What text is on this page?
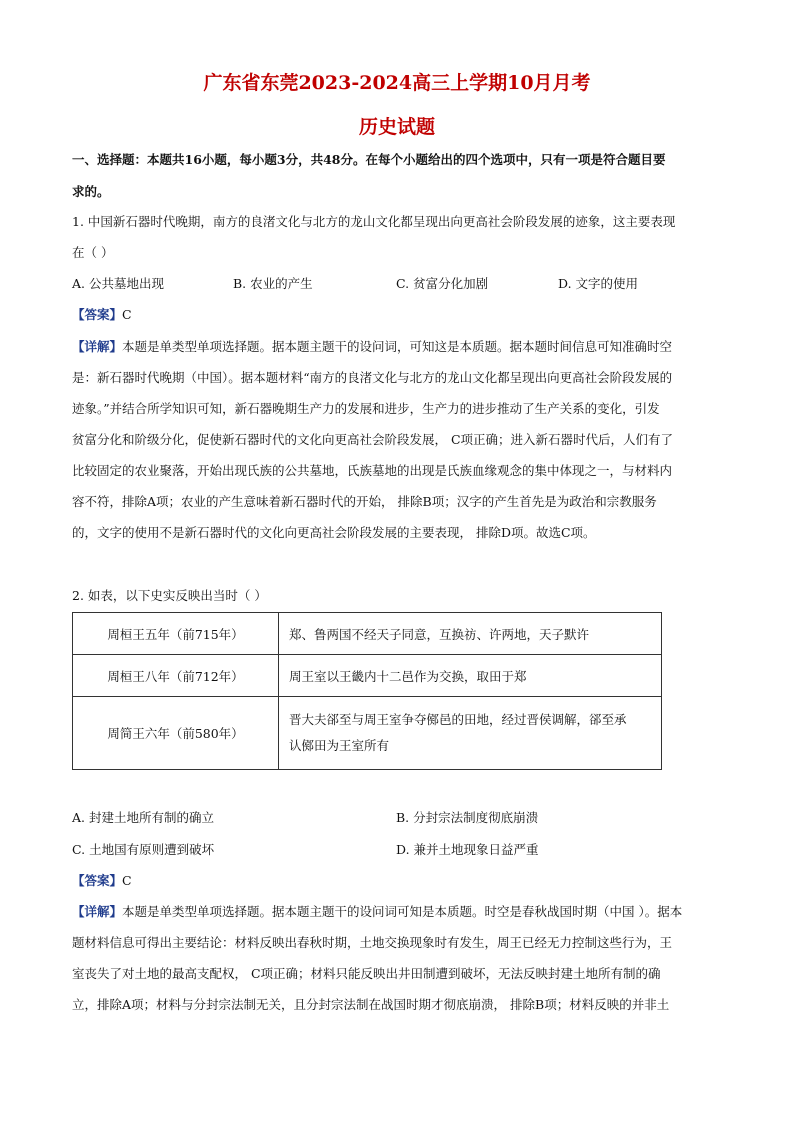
广东省东莞2023-2024高三上学期10月月考
历史试题
一、选择题：本题共16小题，每小题3分，共48分。在每个小题给出的四个选项中，只有一项是符合题目要
求的。
1. 中国新石器时代晚期，南方的良渚文化与北方的龙山文化都呈现出向更高社会阶段发展的迹象，这主要表现
在（ ）
A. 公共墓地出现	B. 农业的产生	C. 贫富分化加剧	D. 文字的使用
【答案】C
【详解】本题是单类型单项选择题。据本题主题干的设问词，可知这是本质题。据本题时间信息可知准确时空
是：新石器时代晚期（中国）。据本题材料“南方的良渚文化与北方的龙山文化都呈现出向更高社会阶段发展的
迹象。”并结合所学知识可知，新石器晚期生产力的发展和进步，生产力的进步推动了生产关系的变化，引发
贫富分化和阶级分化，促使新石器时代的文化向更高社会阶段发展， C项正确；进入新石器时代后，人们有了
比较固定的农业聚落，开始出现氏族的公共墓地，氏族墓地的出现是氏族血缘观念的集中体现之一，与材料内
容不符，排除A项；农业的产生意味着新石器时代的开始， 排除B项；汉字的产生首先是为政治和宗教服务
的，文字的使用不是新石器时代的文化向更高社会阶段发展的主要表现， 排除D项。故选C项。
2. 如表，以下史实反映出当时（ ）
周桓王五年（前715年）	郑、鲁两国不经天子同意，互换祊、许两地，天子默许
周桓王八年（前712年）	周王室以王畿内十二邑作为交换，取田于郑
周简王六年（前580年）	晋大夫郤至与周王室争夺鄇邑的田地，经过晋侯调解，郤至承
认鄇田为王室所有
A. 封建土地所有制的确立	B. 分封宗法制度彻底崩溃
C. 土地国有原则遭到破坏	D. 兼并土地现象日益严重
【答案】C
【详解】本题是单类型单项选择题。据本题主题干的设问词可知是本质题。时空是春秋战国时期（中国 ）。据本
题材料信息可得出主要结论：材料反映出春秋时期，土地交换现象时有发生，周王已经无力控制这些行为，王
室丧失了对土地的最高支配权， C项正确；材料只能反映出井田制遭到破坏，无法反映封建土地所有制的确
立，排除A项；材料与分封宗法制无关，且分封宗法制在战国时期才彻底崩溃， 排除B项；材料反映的并非土
